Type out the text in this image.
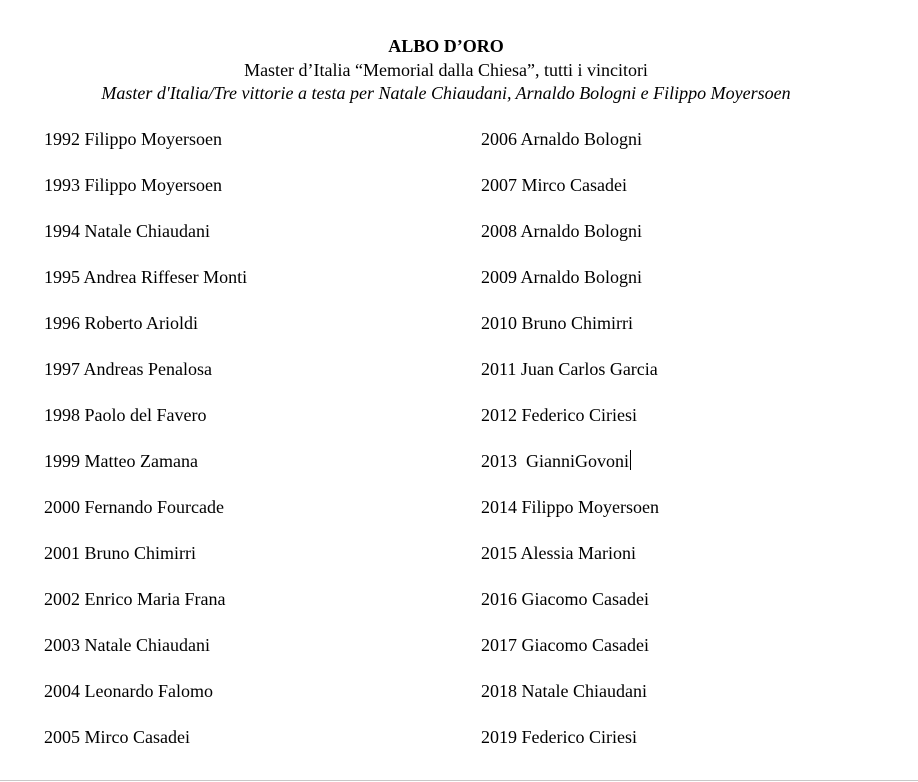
ALBO D’ORO
Master d’Italia “Memorial dalla Chiesa”, tutti i vincitori
Master d'Italia/Tre vittorie a testa per Natale Chiaudani, Arnaldo Bologni e Filippo Moyersoen
1992 Filippo Moyersoen
1993 Filippo Moyersoen
1994 Natale Chiaudani
1995 Andrea Riffeser Monti
1996 Roberto Arioldi
1997 Andreas Penalosa
1998 Paolo del Favero
1999 Matteo Zamana
2000 Fernando Fourcade
2001 Bruno Chimirri
2002 Enrico Maria Frana
2003 Natale Chiaudani
2004 Leonardo Falomo
2005 Mirco Casadei
2006 Arnaldo Bologni
2007 Mirco Casadei
2008 Arnaldo Bologni
2009 Arnaldo Bologni
2010 Bruno Chimirri
2011 Juan Carlos Garcia
2012 Federico Ciriesi
2013  GianniGovoni
2014 Filippo Moyersoen
2015 Alessia Marioni
2016 Giacomo Casadei
2017 Giacomo Casadei
2018 Natale Chiaudani
2019 Federico Ciriesi
